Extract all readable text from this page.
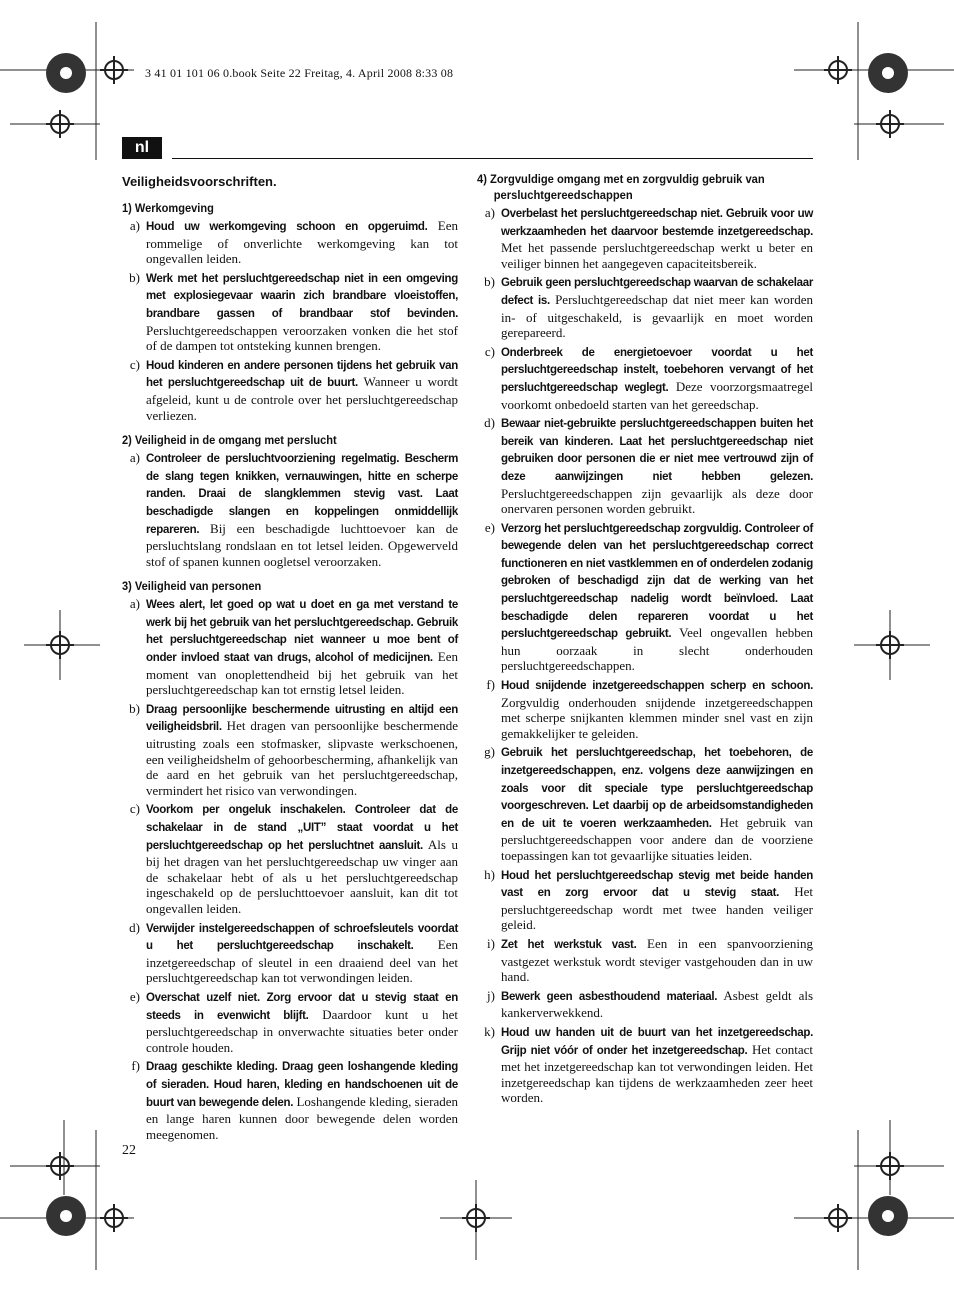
3 41 01 101 06 0.book Seite 22 Freitag, 4. April 2008 8:33 08
nl
Veiligheidsvoorschriften.
1) Werkomgeving
a) Houd uw werkomgeving schoon en opgeruimd. Een rommelige of onverlichte werkomgeving kan tot ongevallen leiden.
b) Werk met het persluchtgereedschap niet in een omgeving met explosiegevaar waarin zich brandbare vloeistoffen, brandbare gassen of brandbaar stof bevinden. Persluchtgereedschappen veroorzaken vonken die het stof of de dampen tot ontsteking kunnen brengen.
c) Houd kinderen en andere personen tijdens het gebruik van het persluchtgereedschap uit de buurt. Wanneer u wordt afgeleid, kunt u de controle over het persluchtgereedschap verliezen.
2) Veiligheid in de omgang met perslucht
a) Controleer de persluchtvoorziening regelmatig. Bescherm de slang tegen knikken, vernauwingen, hitte en scherpe randen. Draai de slangklemmen stevig vast. Laat beschadigde slangen en koppelingen onmiddellijk repareren. Bij een beschadigde luchttoevoer kan de persluchtslang rondslaan en tot letsel leiden. Opgewerveld stof of spanen kunnen oogletsel veroorzaken.
3) Veiligheid van personen
a) Wees alert, let goed op wat u doet en ga met verstand te werk bij het gebruik van het persluchtgereedschap. Gebruik het persluchtgereedschap niet wanneer u moe bent of onder invloed staat van drugs, alcohol of medicijnen. Een moment van onoplettendheid bij het gebruik van het persluchtgereedschap kan tot ernstig letsel leiden.
b) Draag persoonlijke beschermende uitrusting en altijd een veiligheidsbril. Het dragen van persoonlijke beschermende uitrusting zoals een stofmasker, slipvaste werkschoenen, een veiligheidshelm of gehoorbescherming, afhankelijk van de aard en het gebruik van het persluchtgereedschap, vermindert het risico van verwondingen.
c) Voorkom per ongeluk inschakelen. Controleer dat de schakelaar in de stand „UIT” staat voordat u het persluchtgereedschap op het persluchtnet aansluit. Als u bij het dragen van het persluchtgereedschap uw vinger aan de schakelaar hebt of als u het persluchtgereedschap ingeschakeld op de persluchttoevoer aansluit, kan dit tot ongevallen leiden.
d) Verwijder instelgereedschappen of schroefsleutels voordat u het persluchtgereedschap inschakelt. Een inzetgereedschap of sleutel in een draaiend deel van het persluchtgereedschap kan tot verwondingen leiden.
e) Overschat uzelf niet. Zorg ervoor dat u stevig staat en steeds in evenwicht blijft. Daardoor kunt u het persluchtgereedschap in onverwachte situaties beter onder controle houden.
f) Draag geschikte kleding. Draag geen loshangende kleding of sieraden. Houd haren, kleding en handschoenen uit de buurt van bewegende delen. Loshangende kleding, sieraden en lange haren kunnen door bewegende delen worden meegenomen.
4) Zorgvuldige omgang met en zorgvuldig gebruik van persluchtgereedschappen
a) Overbelast het persluchtgereedschap niet. Gebruik voor uw werkzaamheden het daarvoor bestemde inzetgereedschap. Met het passende persluchtgereedschap werkt u beter en veiliger binnen het aangegeven capaciteitsbereik.
b) Gebruik geen persluchtgereedschap waarvan de schakelaar defect is. Persluchtgereedschap dat niet meer kan worden in- of uitgeschakeld, is gevaarlijk en moet worden gerepareerd.
c) Onderbreek de energietoevoer voordat u het persluchtgereedschap instelt, toebehoren vervangt of het persluchtgereedschap weglegt. Deze voorzorgsmaatregel voorkomt onbedoeld starten van het gereedschap.
d) Bewaar niet-gebruikte persluchtgereedschappen buiten het bereik van kinderen. Laat het persluchtgereedschap niet gebruiken door personen die er niet mee vertrouwd zijn of deze aanwijzingen niet hebben gelezen. Persluchtgereedschappen zijn gevaarlijk als deze door onervaren personen worden gebruikt.
e) Verzorg het persluchtgereedschap zorgvuldig. Controleer of bewegende delen van het persluchtgereedschap correct functioneren en niet vastklemmen en of onderdelen zodanig gebroken of beschadigd zijn dat de werking van het persluchtgereedschap nadelig wordt beïnvloed. Laat beschadigde delen repareren voordat u het persluchtgereedschap gebruikt. Veel ongevallen hebben hun oorzaak in slecht onderhouden persluchtgereedschappen.
f) Houd snijdende inzetgereedschappen scherp en schoon. Zorgvuldig onderhouden snijdende inzetgereedschappen met scherpe snijkanten klemmen minder snel vast en zijn gemakkelijker te geleiden.
g) Gebruik het persluchtgereedschap, het toebehoren, de inzetgereedschappen, enz. volgens deze aanwijzingen en zoals voor dit speciale type persluchtgereedschap voorgeschreven. Let daarbij op de arbeidsomstandigheden en de uit te voeren werkzaamheden. Het gebruik van persluchtgereedschappen voor andere dan de voorziene toepassingen kan tot gevaarlijke situaties leiden.
h) Houd het persluchtgereedschap stevig met beide handen vast en zorg ervoor dat u stevig staat. Het persluchtgereedschap wordt met twee handen veiliger geleid.
i) Zet het werkstuk vast. Een in een spanvoorziening vastgezet werkstuk wordt steviger vastgehouden dan in uw hand.
j) Bewerk geen asbesthoudend materiaal. Asbest geldt als kankerverwekkend.
k) Houd uw handen uit de buurt van het inzetgereedschap. Grijp niet vóór of onder het inzetgereedschap. Het contact met het inzetgereedschap kan tot verwondingen leiden. Het inzetgereedschap kan tijdens de werkzaamheden zeer heet worden.
22
